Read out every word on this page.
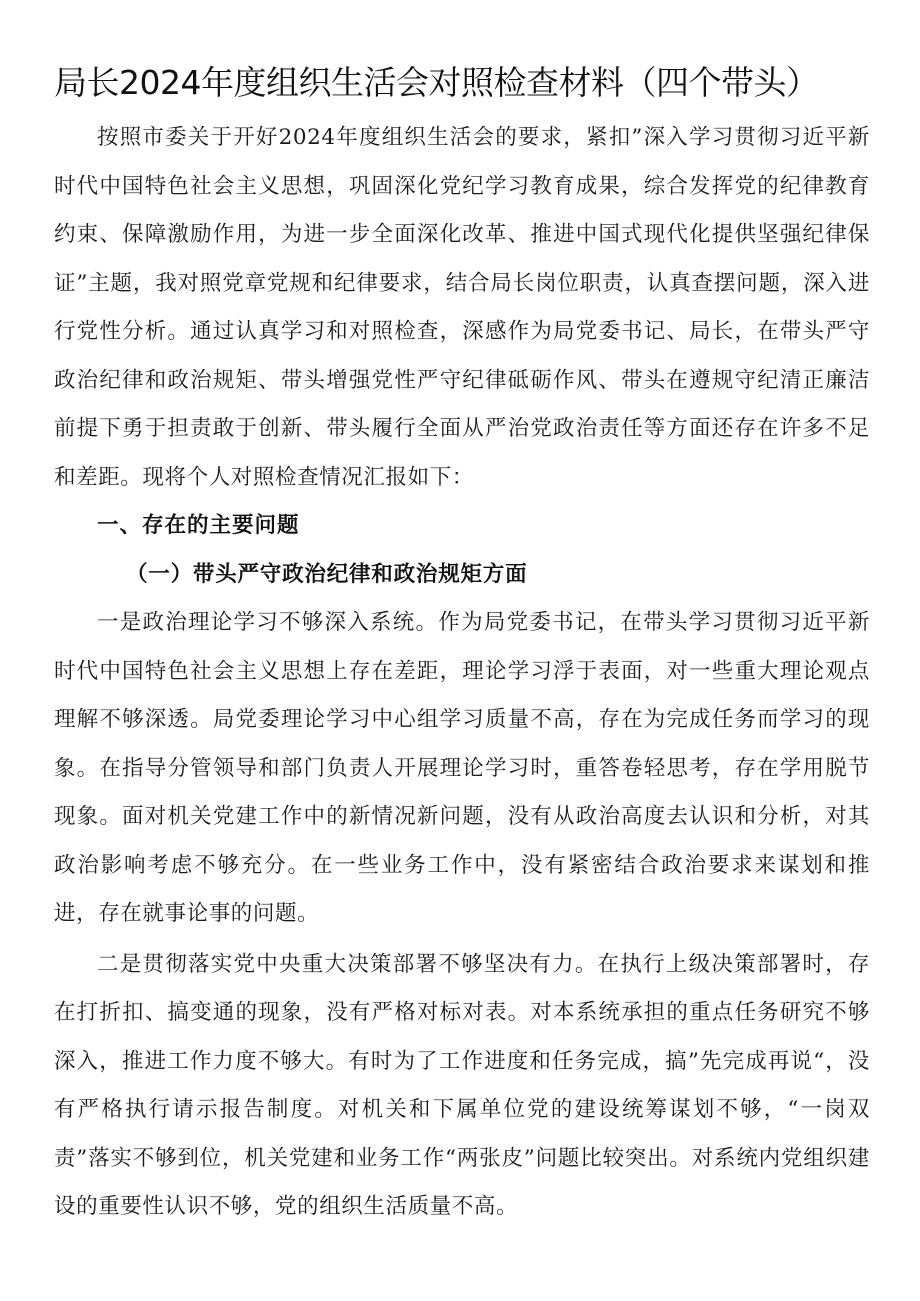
局长2024年度组织生活会对照检查材料（四个带头）

按照市委关于开好2024年度组织生活会的要求，紧扣”深入学习贯彻习近平新时代中国特色社会主义思想，巩固深化党纪学习教育成果，综合发挥党的纪律教育约束、保障激励作用，为进一步全面深化改革、推进中国式现代化提供坚强纪律保证”主题，我对照党章党规和纪律要求，结合局长岗位职责，认真查摆问题，深入进行党性分析。通过认真学习和对照检查，深感作为局党委书记、局长，在带头严守政治纪律和政治规矩、带头增强党性严守纪律砥砺作风、带头在遵规守纪清正廉洁前提下勇于担责敢于创新、带头履行全面从严治党政治责任等方面还存在许多不足和差距。现将个人对照检查情况汇报如下：

一、存在的主要问题

（一）带头严守政治纪律和政治规矩方面

一是政治理论学习不够深入系统。作为局党委书记，在带头学习贯彻习近平新时代中国特色社会主义思想上存在差距，理论学习浮于表面，对一些重大理论观点理解不够深透。局党委理论学习中心组学习质量不高，存在为完成任务而学习的现象。在指导分管领导和部门负责人开展理论学习时，重答卷轻思考，存在学用脱节现象。面对机关党建工作中的新情况新问题，没有从政治高度去认识和分析，对其政治影响考虑不够充分。在一些业务工作中，没有紧密结合政治要求来谋划和推进，存在就事论事的问题。

二是贯彻落实党中央重大决策部署不够坚决有力。在执行上级决策部署时，存在打折扣、搞变通的现象，没有严格对标对表。对本系统承担的重点任务研究不够深入，推进工作力度不够大。有时为了工作进度和任务完成，搞”先完成再说“，没有严格执行请示报告制度。对机关和下属单位党的建设统筹谋划不够，“一岗双责”落实不够到位，机关党建和业务工作“两张皮”问题比较突出。对系统内党组织建设的重要性认识不够，党的组织生活质量不高。
